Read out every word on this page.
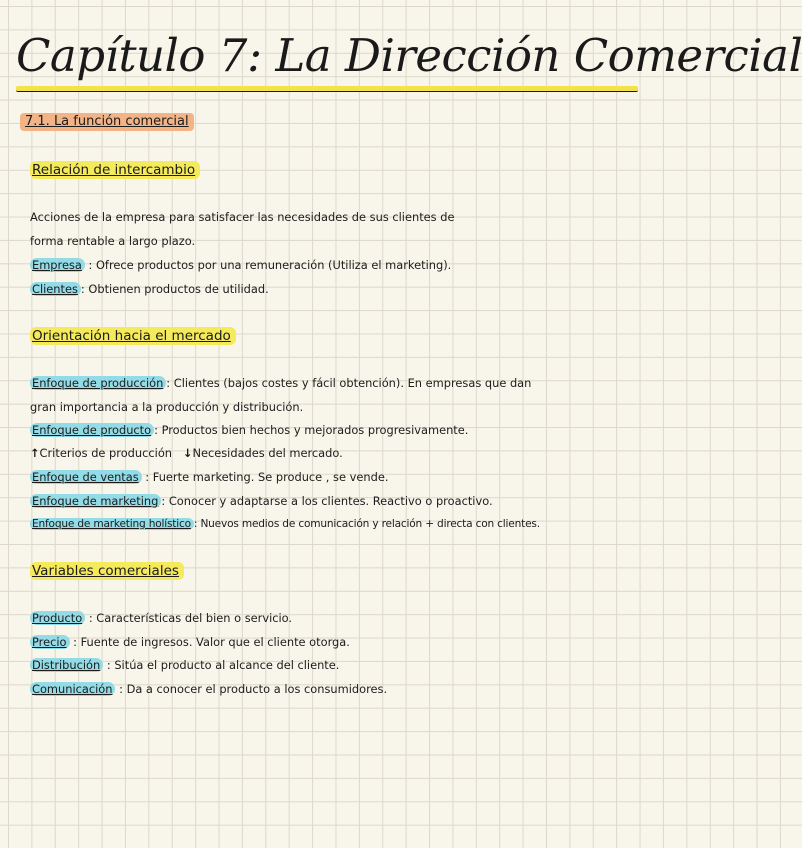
Capítulo 7: La Dirección Comercial
7.1. La función comercial
Relación de intercambio
Acciones de la empresa para satisfacer las necesidades de sus clientes de
forma rentable a largo plazo.
Empresa : Ofrece productos por una remuneración (Utiliza el marketing).
Clientes : Obtienen productos de utilidad.
Orientación hacia el mercado
Enfoque de producción : Clientes (bajos costes y fácil obtención). En empresas que dan
gran importancia a la producción y distribución.
Enfoque de producto : Productos bien hechos y mejorados progresivamente.
↑Criterios de producción ↓Necesidades del mercado.
Enfoque de ventas : Fuerte marketing. Se produce , se vende.
Enfoque de marketing : Conocer y adaptarse a los clientes. Reactivo o proactivo.
Enfoque de marketing holístico : Nuevos medios de comunicación y relación + directa con clientes.
Variables comerciales
Producto : Características del bien o servicio.
Precio : Fuente de ingresos. Valor que el cliente otorga.
Distribución : Sitúa el producto al alcance del cliente.
Comunicación : Da a conocer el producto a los consumidores.
